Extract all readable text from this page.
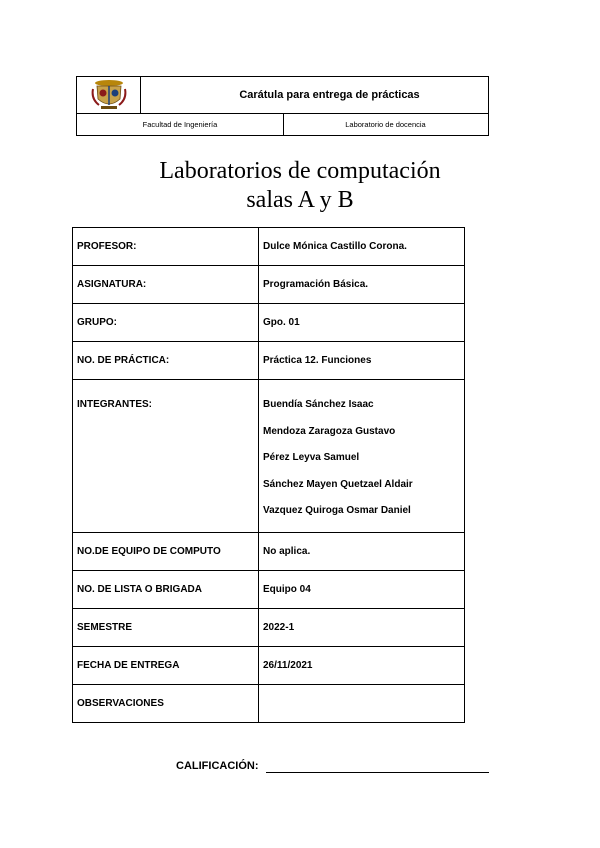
Carátula para entrega de prácticas
Facultad de Ingeniería	Laboratorio de docencia
Laboratorios de computación
salas A y B
PROFESOR:	Dulce Mónica Castillo Corona.
ASIGNATURA:	Programación Básica.
GRUPO:	Gpo. 01
NO. DE PRÁCTICA:	Práctica 12. Funciones
INTEGRANTES:	Buendía Sánchez Isaac
Mendoza Zaragoza Gustavo
Pérez Leyva Samuel
Sánchez Mayen Quetzael Aldair
Vazquez Quiroga Osmar Daniel

NO.DE EQUIPO DE COMPUTO	No aplica.
NO. DE LISTA O BRIGADA	Equipo 04
SEMESTRE	2022-1
FECHA DE ENTREGA	26/11/2021
OBSERVACIONES	
CALIFICACIÓN:
